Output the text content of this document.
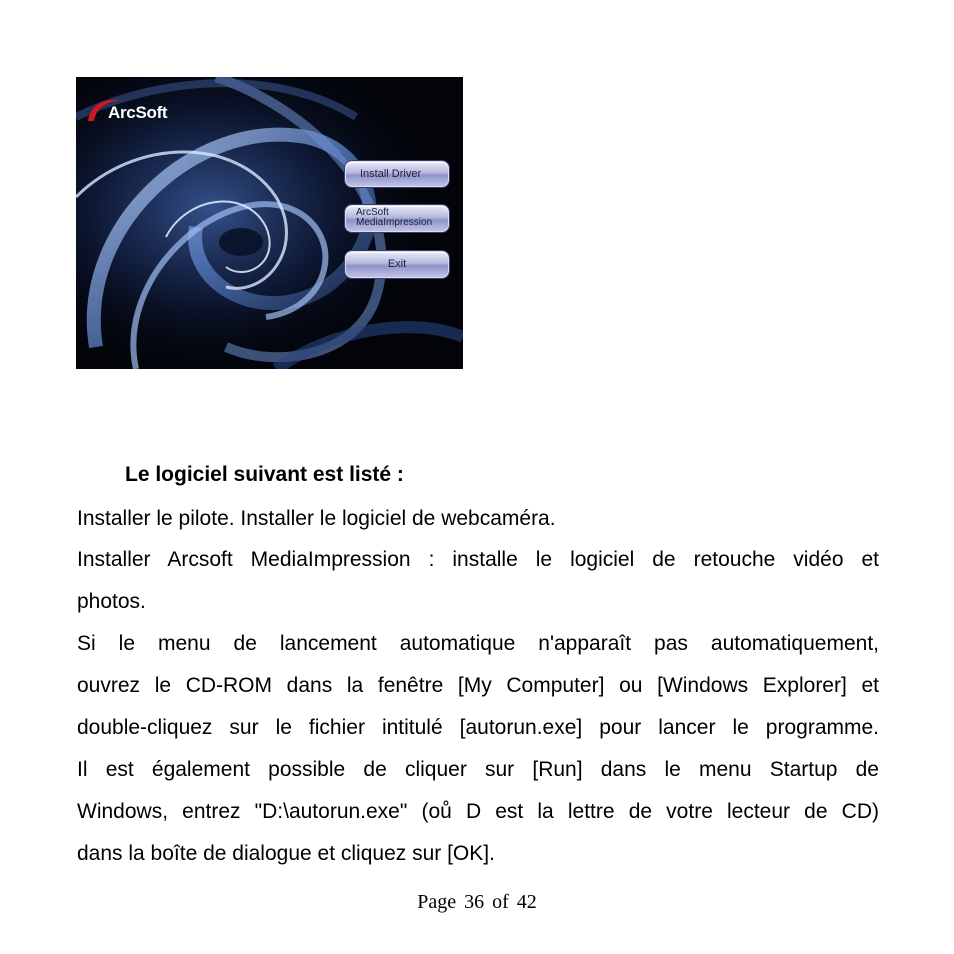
ArcSoft
Install Driver
ArcSoft
MediaImpression
Exit

Le logiciel suivant est listé :

Installer le pilote. Installer le logiciel de webcaméra.

Installer Arcsoft MediaImpression : installe le logiciel de retouche vidéo et

photos.

Si le menu de lancement automatique n'apparaît pas automatiquement,

ouvrez le CD-ROM dans la fenêtre [My Computer] ou [Windows Explorer] et

double-cliquez sur le fichier intitulé [autorun.exe] pour lancer le programme.

Il est également possible de cliquer sur [Run] dans le menu Startup de

Windows, entrez "D:\autorun.exe" (oů D est la lettre de votre lecteur de CD)

dans la boîte de dialogue et cliquez sur [OK].

Page 36 of 42
